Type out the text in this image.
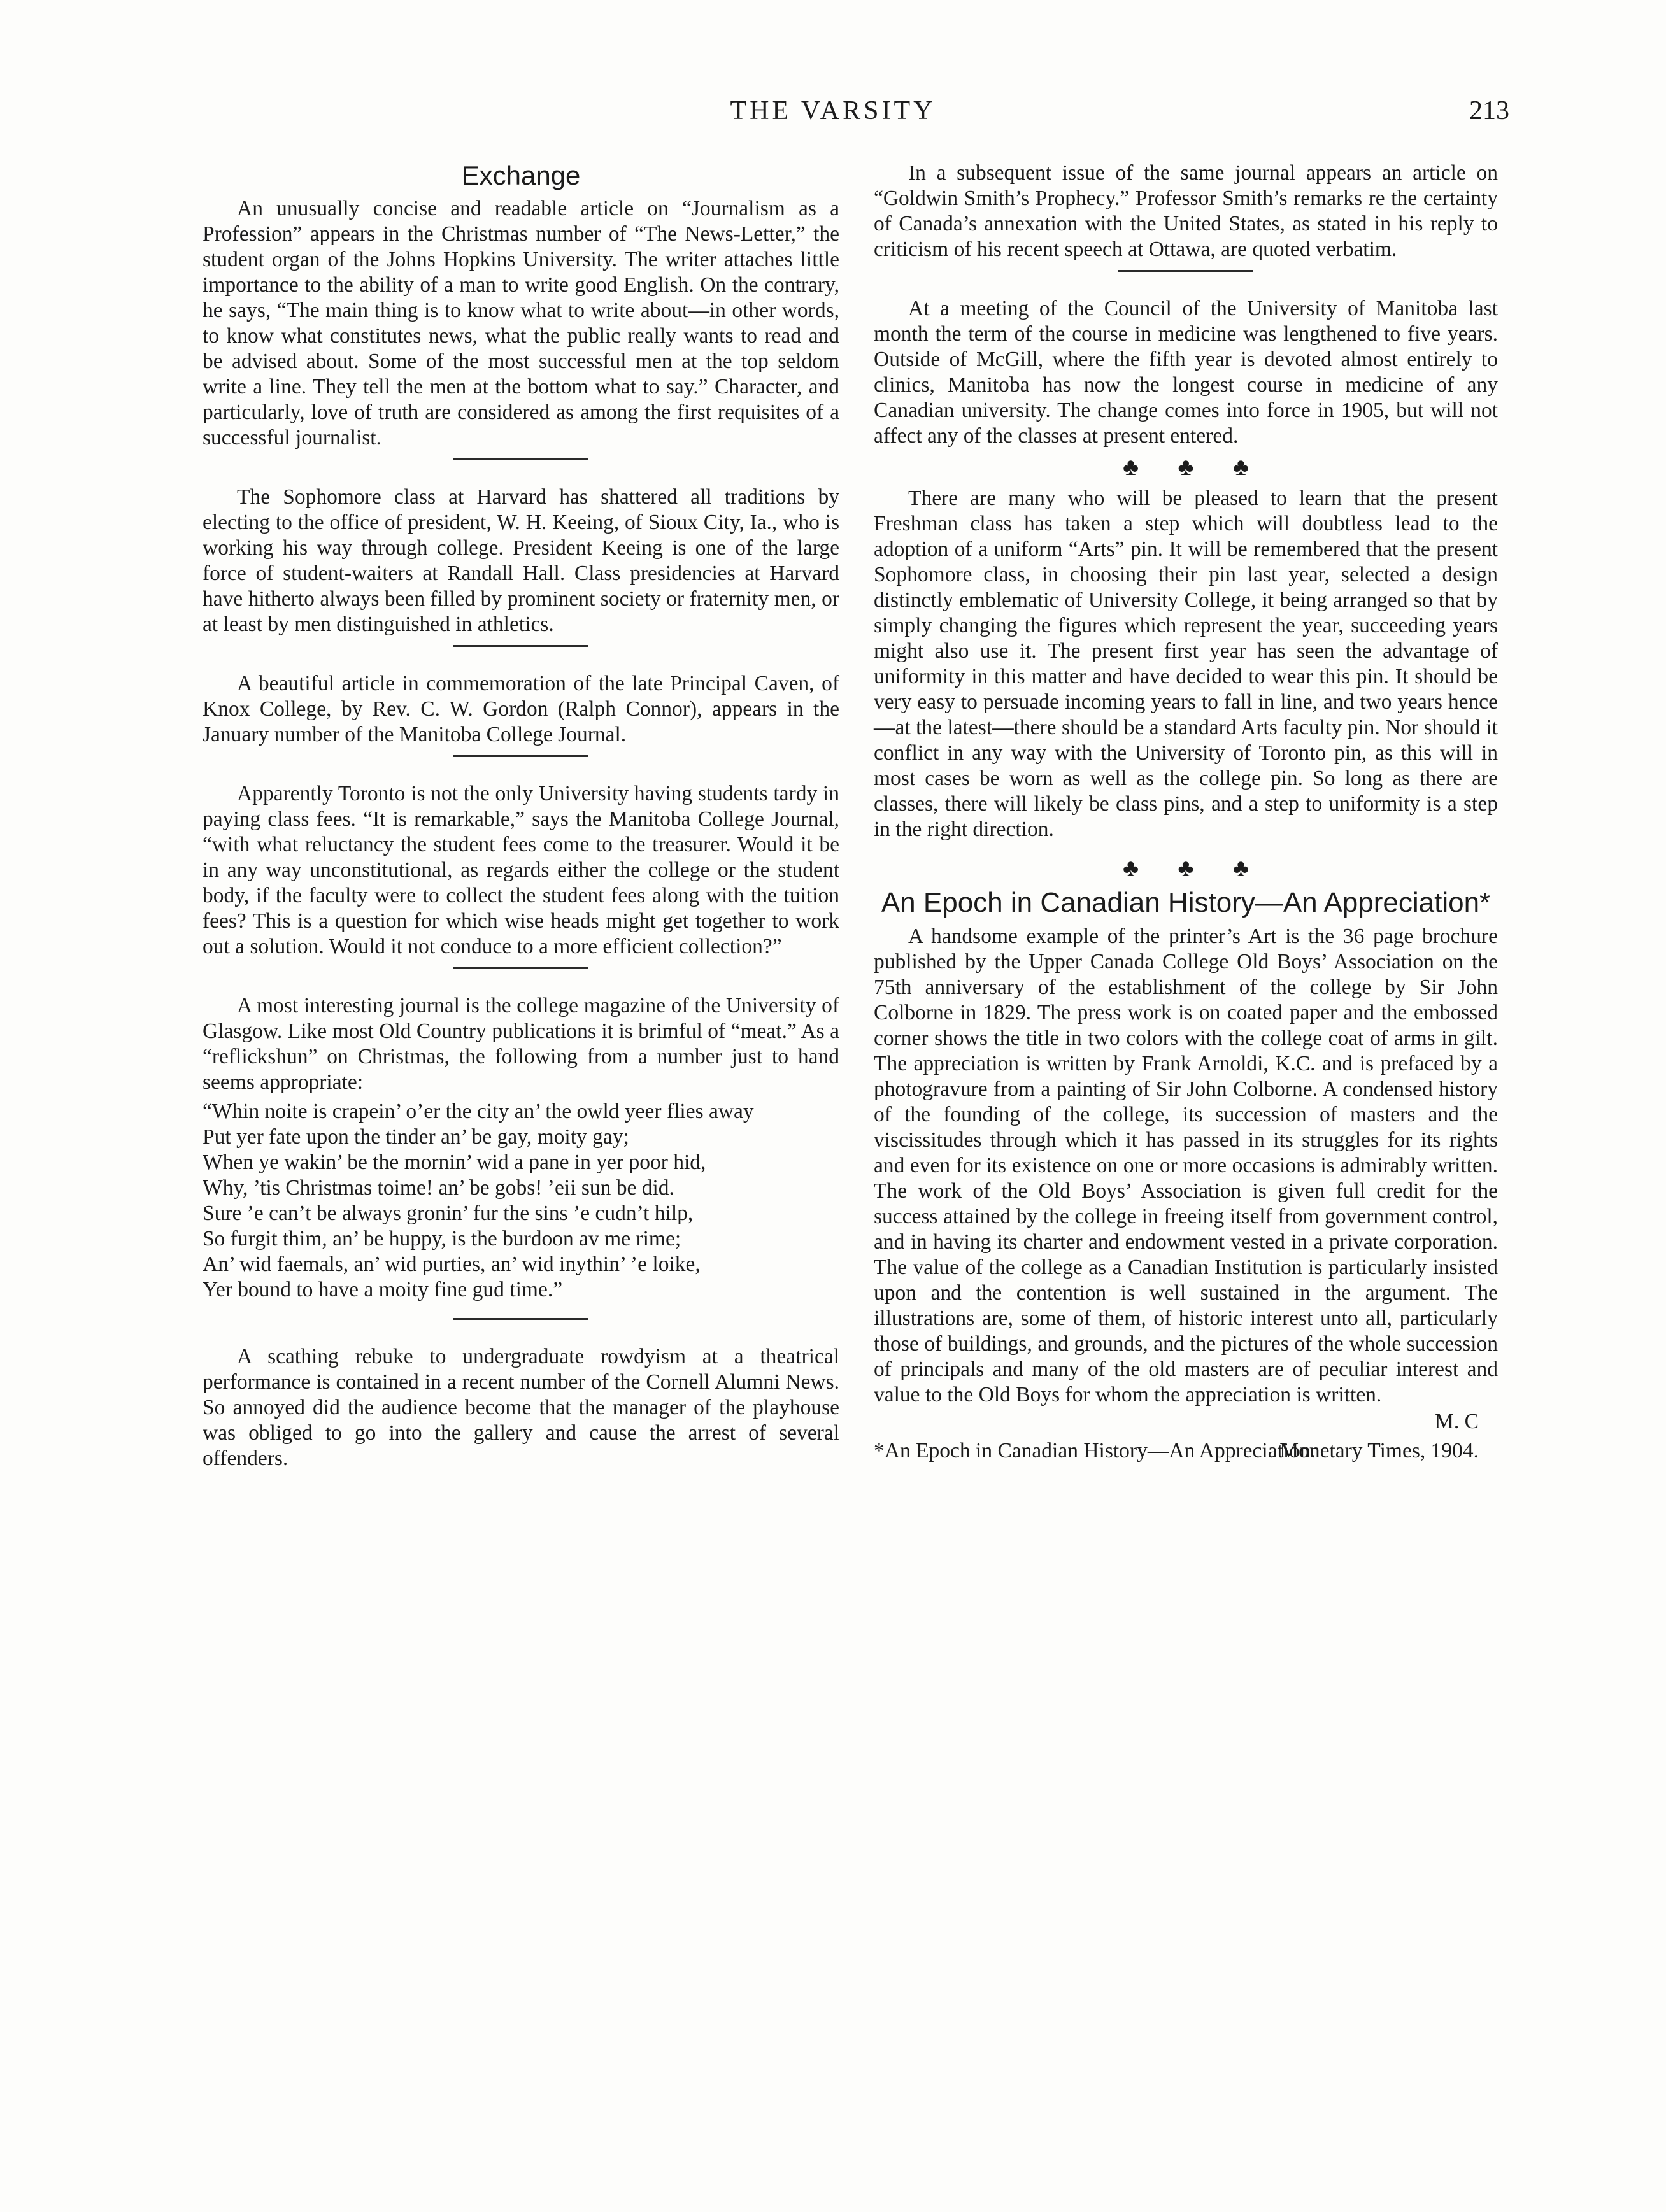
THE VARSITY	213
Exchange

An unusually concise and readable article on “Journalism as a Profession” appears in the Christmas number of “The News-Letter,” the student organ of the Johns Hopkins University. The writer attaches little importance to the ability of a man to write good English. On the contrary, he says, “The main thing is to know what to write about—in other words, to know what constitutes news, what the public really wants to read and be advised about. Some of the most successful men at the top seldom write a line. They tell the men at the bottom what to say.” Character, and particularly, love of truth are considered as among the first requisites of a successful journalist.

The Sophomore class at Harvard has shattered all traditions by electing to the office of president, W. H. Keeing, of Sioux City, Ia., who is working his way through college. President Keeing is one of the large force of student-waiters at Randall Hall. Class presidencies at Harvard have hitherto always been filled by prominent society or fraternity men, or at least by men distinguished in athletics.

A beautiful article in commemoration of the late Principal Caven, of Knox College, by Rev. C. W. Gordon (Ralph Connor), appears in the January number of the Manitoba College Journal.

Apparently Toronto is not the only University having students tardy in paying class fees. “It is remarkable,” says the Manitoba College Journal, “with what reluctancy the student fees come to the treasurer. Would it be in any way unconstitutional, as regards either the college or the student body, if the faculty were to collect the student fees along with the tuition fees? This is a question for which wise heads might get together to work out a solution. Would it not conduce to a more efficient collection?”

A most interesting journal is the college magazine of the University of Glasgow. Like most Old Country publications it is brimful of “meat.” As a “reflickshun” on Christmas, the following from a number just to hand seems appropriate:

“Whin noite is crapein’ o’er the city an’ the owld yeer flies away
Put yer fate upon the tinder an’ be gay, moity gay;
When ye wakin’ be the mornin’ wid a pane in yer poor hid,
Why, ’tis Christmas toime! an’ be gobs! ’eii sun be did.
Sure ’e can’t be always gronin’ fur the sins ’e cudn’t hilp,
So furgit thim, an’ be huppy, is the burdoon av me rime;
An’ wid faemals, an’ wid purties, an’ wid inythin’ ’e loike,
Yer bound to have a moity fine gud time.”

A scathing rebuke to undergraduate rowdyism at a theatrical performance is contained in a recent number of the Cornell Alumni News. So annoyed did the audience become that the manager of the playhouse was obliged to go into the gallery and cause the arrest of several offenders.

In a subsequent issue of the same journal appears an article on “Goldwin Smith’s Prophecy.” Professor Smith’s remarks re the certainty of Canada’s annexation with the United States, as stated in his reply to criticism of his recent speech at Ottawa, are quoted verbatim.

At a meeting of the Council of the University of Manitoba last month the term of the course in medicine was lengthened to five years. Outside of McGill, where the fifth year is devoted almost entirely to clinics, Manitoba has now the longest course in medicine of any Canadian university. The change comes into force in 1905, but will not affect any of the classes at present entered.

♣ ♣ ♣

There are many who will be pleased to learn that the present Freshman class has taken a step which will doubtless lead to the adoption of a uniform “Arts” pin. It will be remembered that the present Sophomore class, in choosing their pin last year, selected a design distinctly emblematic of University College, it being arranged so that by simply changing the figures which represent the year, succeeding years might also use it. The present first year has seen the advantage of uniformity in this matter and have decided to wear this pin. It should be very easy to persuade incoming years to fall in line, and two years hence—at the latest—there should be a standard Arts faculty pin. Nor should it conflict in any way with the University of Toronto pin, as this will in most cases be worn as well as the college pin. So long as there are classes, there will likely be class pins, and a step to uniformity is a step in the right direction.

♣ ♣ ♣
An Epoch in Canadian History—An Appreciation*

A handsome example of the printer’s Art is the 36 page brochure published by the Upper Canada College Old Boys’ Association on the 75th anniversary of the establishment of the college by Sir John Colborne in 1829. The press work is on coated paper and the embossed corner shows the title in two colors with the college coat of arms in gilt. The appreciation is written by Frank Arnoldi, K.C. and is prefaced by a photogravure from a painting of Sir John Colborne. A condensed history of the founding of the college, its succession of masters and the viscissitudes through which it has passed in its struggles for its rights and even for its existence on one or more occasions is admirably written. The work of the Old Boys’ Association is given full credit for the success attained by the college in freeing itself from government control, and in having its charter and endowment vested in a private corporation. The value of the college as a Canadian Institution is particularly insisted upon and the contention is well sustained in the argument. The illustrations are, some of them, of historic interest unto all, particularly those of buildings, and grounds, and the pictures of the whole succession of principals and many of the old masters are of peculiar interest and value to the Old Boys for whom the appreciation is written.

M. C
*An Epoch in Canadian History—An Appreciation.
Monetary Times, 1904.
